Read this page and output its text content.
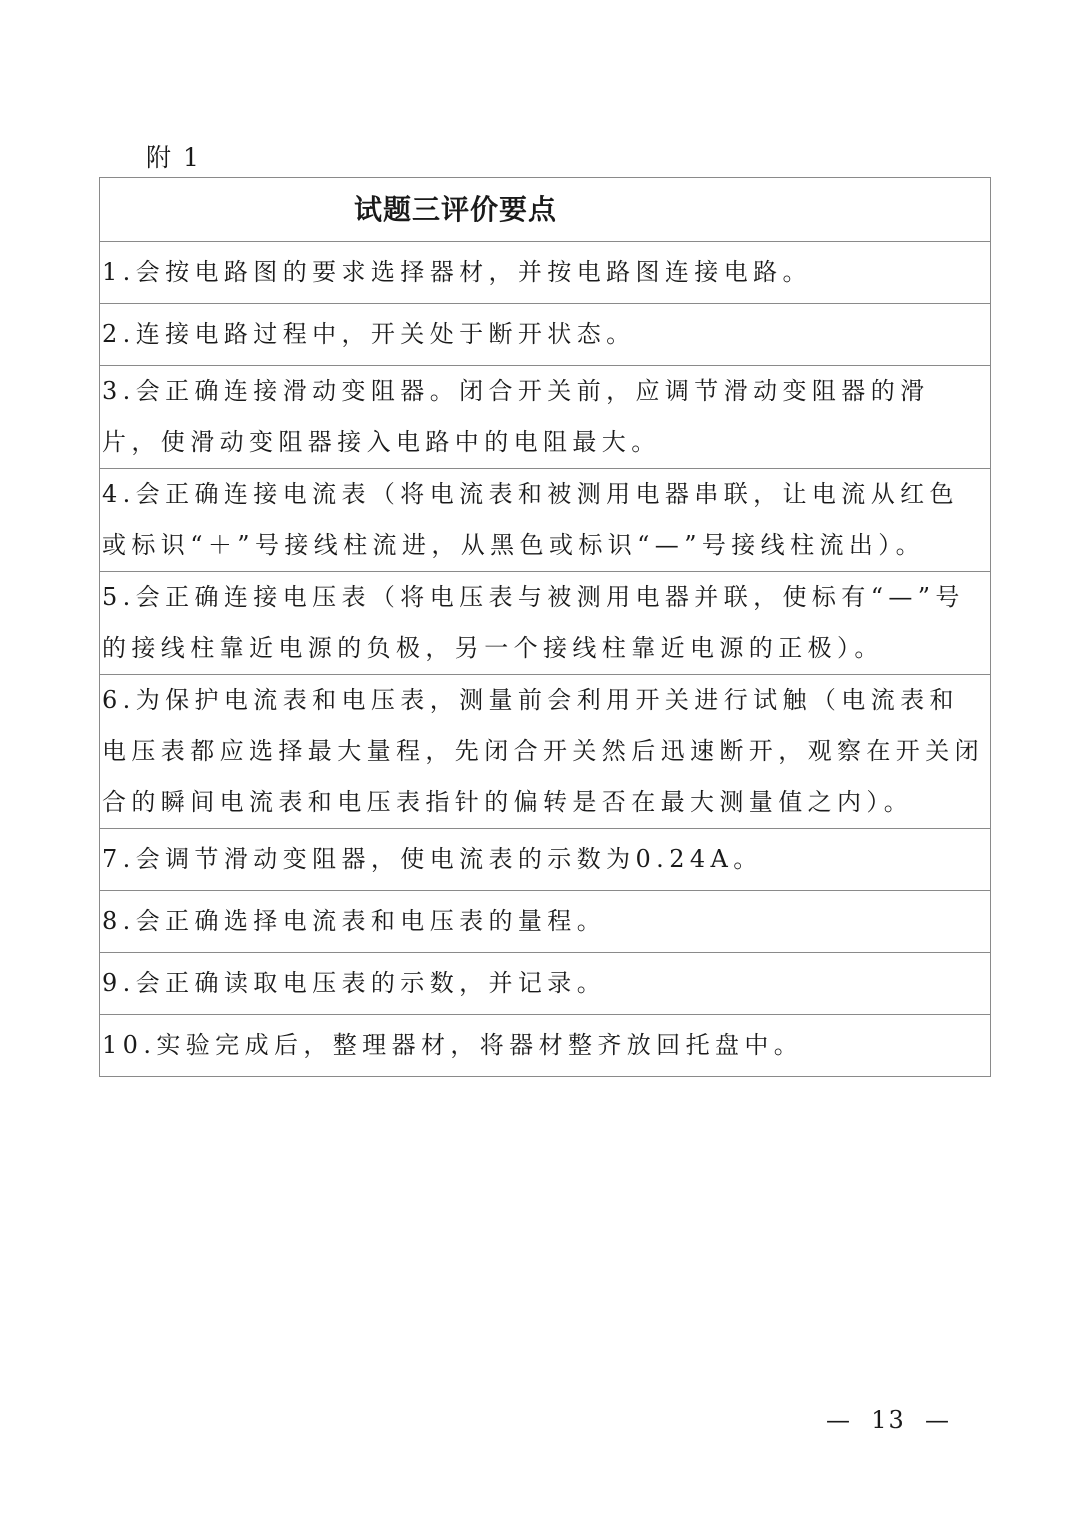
附 1
试题三评价要点
1.会按电路图的要求选择器材，并按电路图连接电路。
2.连接电路过程中，开关处于断开状态。
3.会正确连接滑动变阻器。闭合开关前，应调节滑动变阻器的滑片，使滑动变阻器接入电路中的电阻最大。
4.会正确连接电流表（将电流表和被测用电器串联，让电流从红色或标识“＋”号接线柱流进，从黑色或标识“—”号接线柱流出）。
5.会正确连接电压表（将电压表与被测用电器并联，使标有“—”号的接线柱靠近电源的负极，另一个接线柱靠近电源的正极）。
6.为保护电流表和电压表，测量前会利用开关进行试触（电流表和电压表都应选择最大量程，先闭合开关然后迅速断开，观察在开关闭合的瞬间电流表和电压表指针的偏转是否在最大测量值之内）。
7.会调节滑动变阻器，使电流表的示数为0.24A。
8.会正确选择电流表和电压表的量程。
9.会正确读取电压表的示数，并记录。
10.实验完成后，整理器材，将器材整齐放回托盘中。
—  13  —
